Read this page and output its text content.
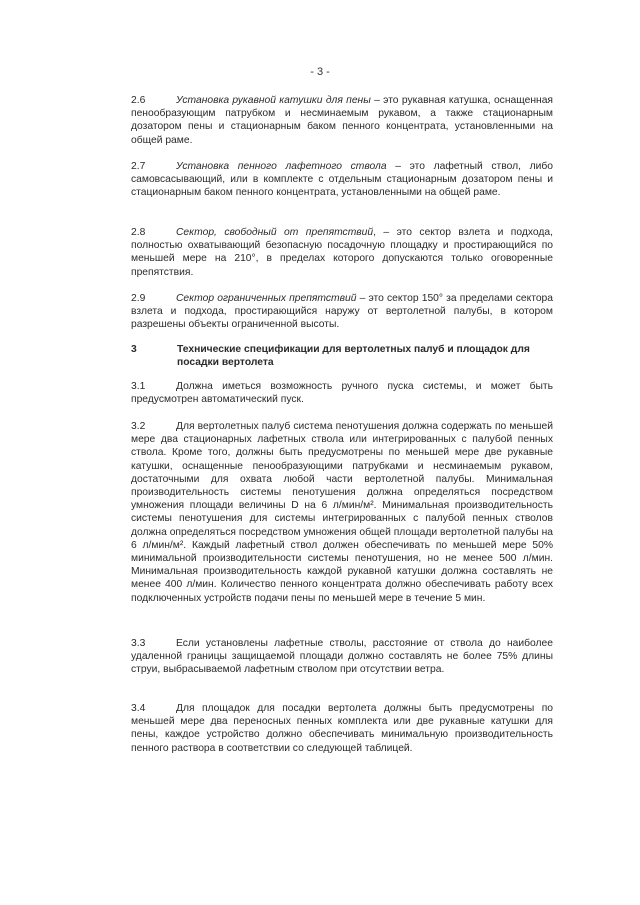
- 3 -
2.6	Установка рукавной катушки для пены – это рукавная катушка, оснащенная пенообразующим патрубком и несминаемым рукавом, а также стационарным дозатором пены и стационарным баком пенного концентрата, установленными на общей раме.
2.7	Установка пенного лафетного ствола – это лафетный ствол, либо самовсасывающий, или в комплекте с отдельным стационарным дозатором пены и стационарным баком пенного концентрата, установленными на общей раме.
2.8	Сектор, свободный от препятствий, – это сектор взлета и подхода, полностью охватывающий безопасную посадочную площадку и простирающийся по меньшей мере на 210°, в пределах которого допускаются только оговоренные препятствия.
2.9	Сектор ограниченных препятствий – это сектор 150° за пределами сектора взлета и подхода, простирающийся наружу от вертолетной палубы, в котором разрешены объекты ограниченной высоты.
3	Технические спецификации для вертолетных палуб и площадок для посадки вертолета
3.1	Должна иметься возможность ручного пуска системы, и может быть предусмотрен автоматический пуск.
3.2	Для вертолетных палуб система пенотушения должна содержать по меньшей мере два стационарных лафетных ствола или интегрированных с палубой пенных ствола. Кроме того, должны быть предусмотрены по меньшей мере две рукавные катушки, оснащенные пенообразующими патрубками и несминаемым рукавом, достаточными для охвата любой части вертолетной палубы. Минимальная производительность системы пенотушения должна определяться посредством умножения площади величины D на 6 л/мин/м². Минимальная производительность системы пенотушения для системы интегрированных с палубой пенных стволов должна определяться посредством умножения общей площади вертолетной палубы на 6 л/мин/м². Каждый лафетный ствол должен обеспечивать по меньшей мере 50% минимальной производительности системы пенотушения, но не менее 500 л/мин. Минимальная производительность каждой рукавной катушки должна составлять не менее 400 л/мин. Количество пенного концентрата должно обеспечивать работу всех подключенных устройств подачи пены по меньшей мере в течение 5 мин.
3.3	Если установлены лафетные стволы, расстояние от ствола до наиболее удаленной границы защищаемой площади должно составлять не более 75% длины струи, выбрасываемой лафетным стволом при отсутствии ветра.
3.4	Для площадок для посадки вертолета должны быть предусмотрены по меньшей мере два переносных пенных комплекта или две рукавные катушки для пены, каждое устройство должно обеспечивать минимальную производительность пенного раствора в соответствии со следующей таблицей.
